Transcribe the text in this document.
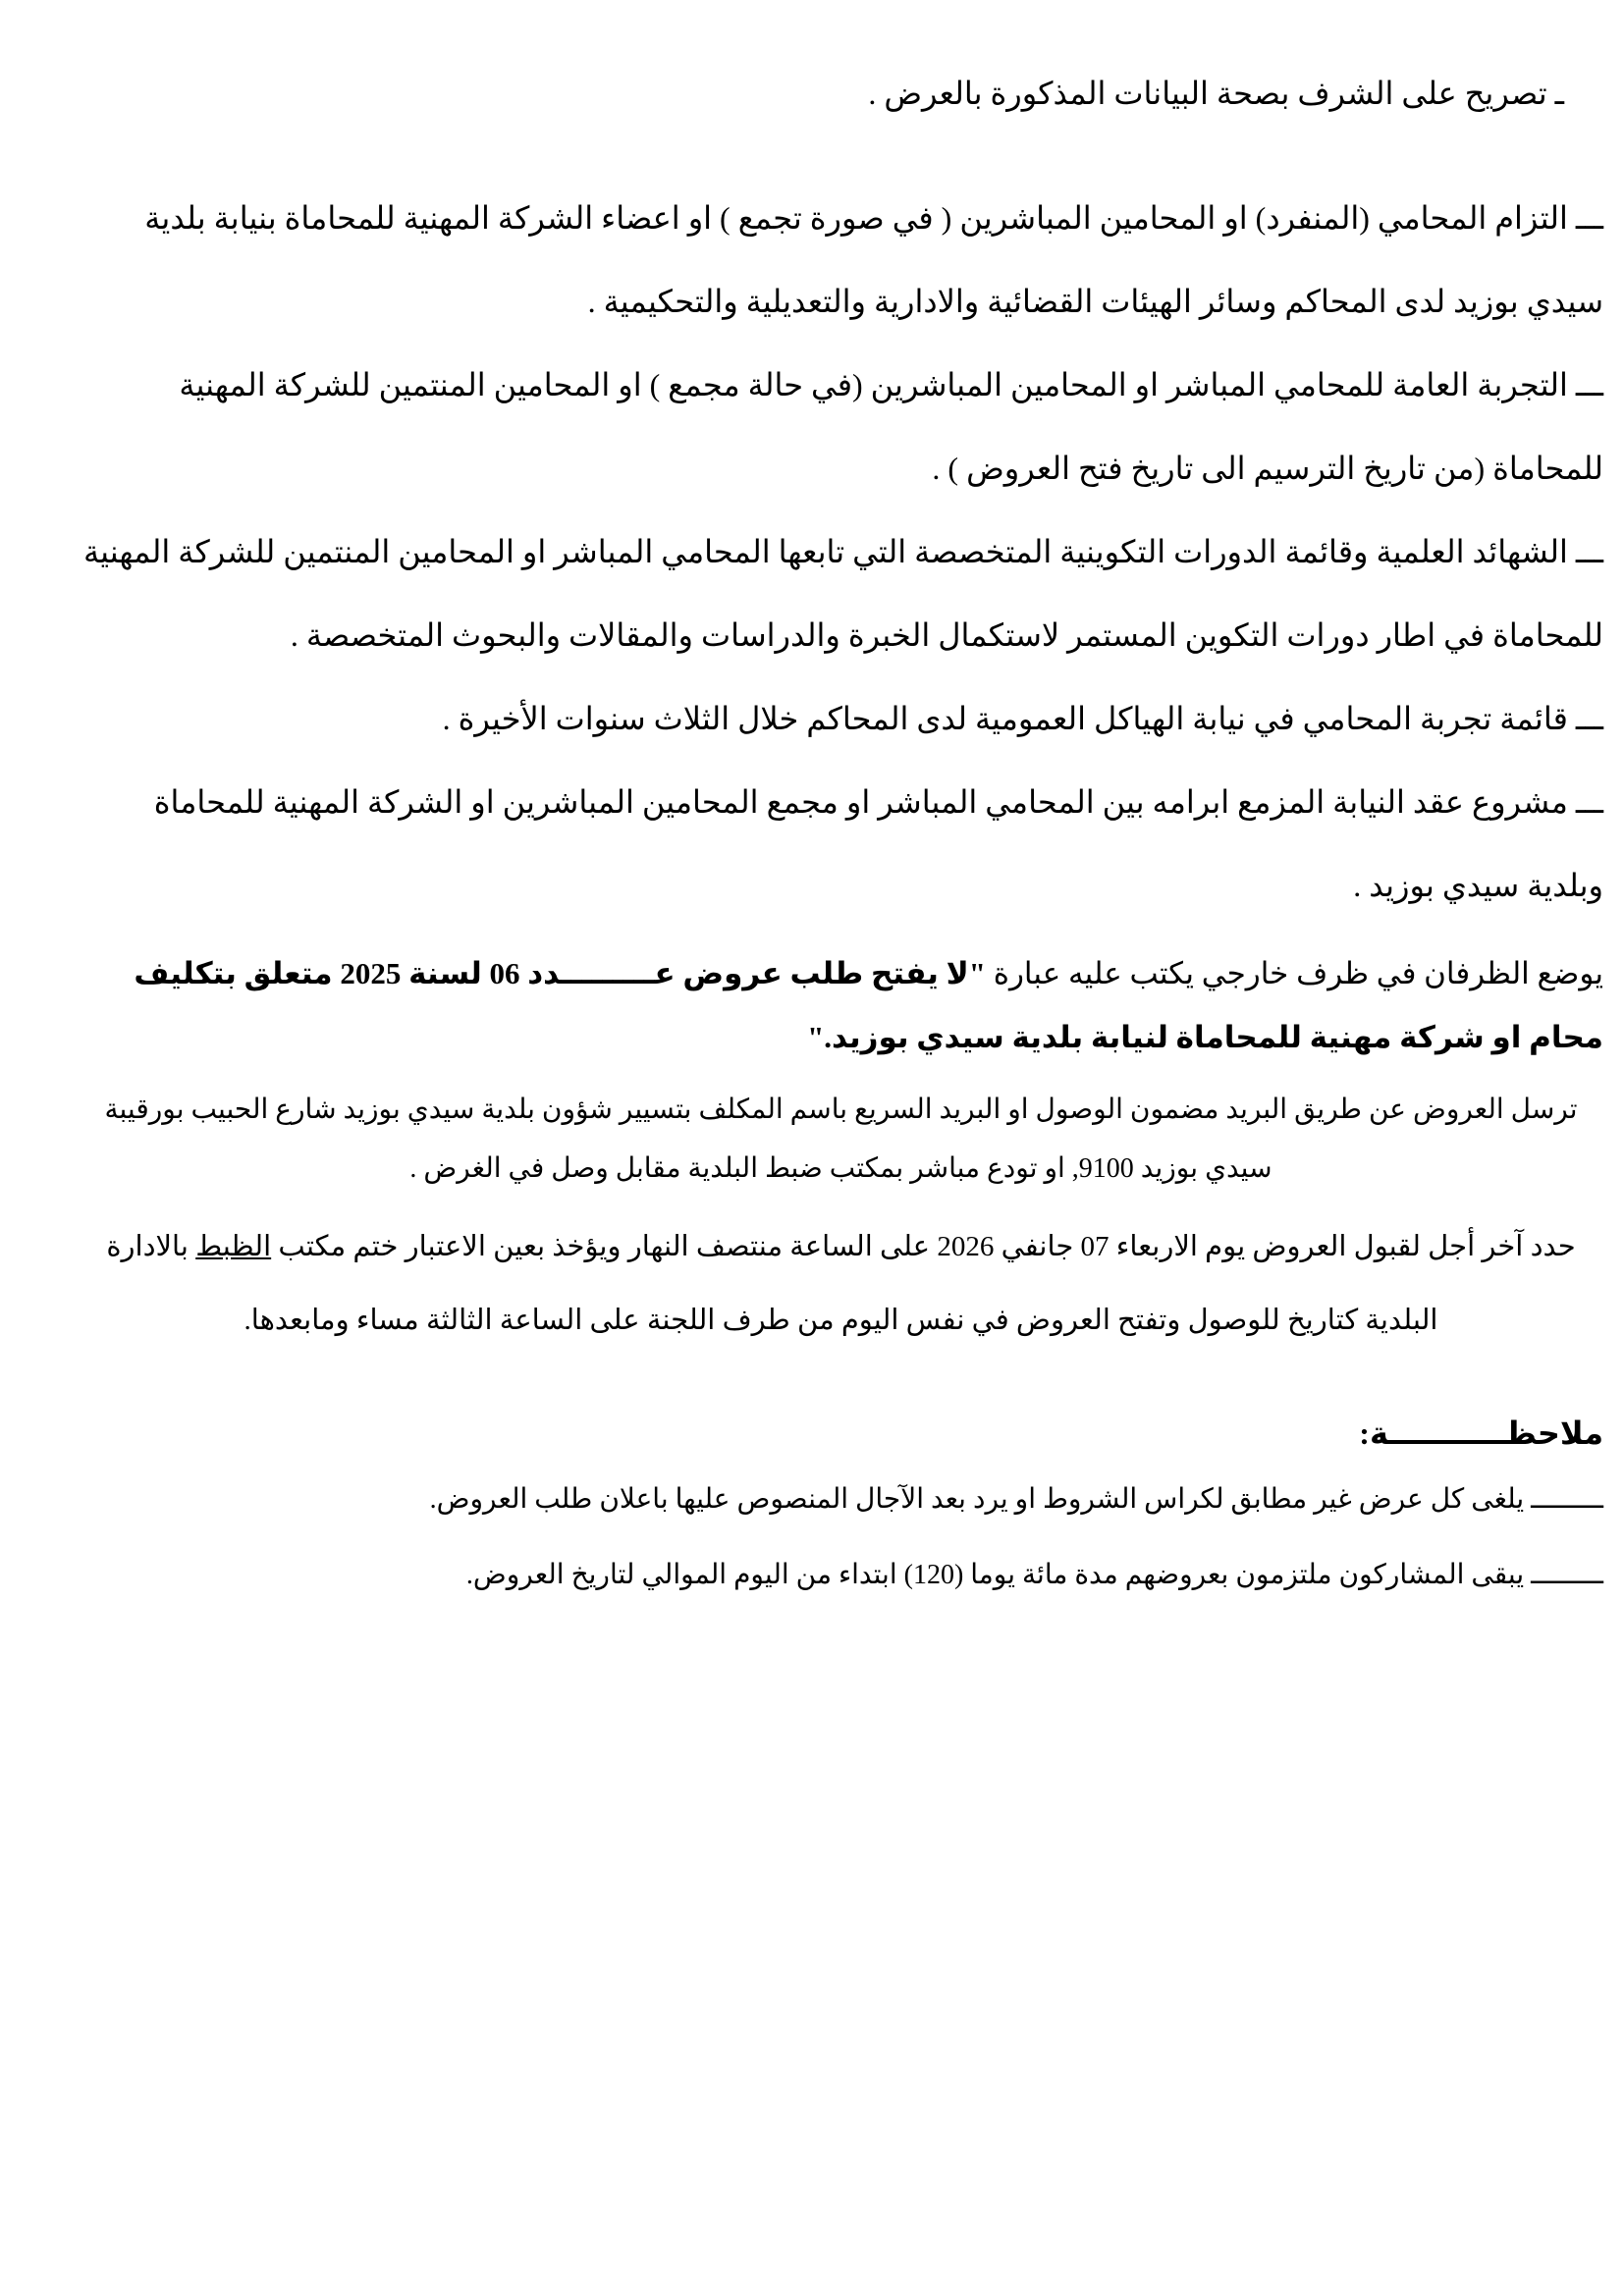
ـ تصريح على الشرف بصحة البيانات المذكورة بالعرض .

ـــ التزام المحامي (المنفرد) او المحامين المباشرين ( في صورة تجمع ) او اعضاء الشركة المهنية للمحاماة بنيابة بلدية سيدي بوزيد لدى المحاكم وسائر الهيئات القضائية والادارية والتعديلية والتحكيمية .

ـــ التجربة العامة للمحامي المباشر او المحامين المباشرين (في حالة مجمع ) او المحامين المنتمين للشركة المهنية للمحاماة (من تاريخ الترسيم الى تاريخ فتح العروض ) .

ـــ الشهائد العلمية وقائمة الدورات التكوينية المتخصصة التي تابعها المحامي المباشر او المحامين المنتمين للشركة المهنية للمحاماة في اطار دورات التكوين المستمر لاستكمال الخبرة والدراسات والمقالات والبحوث المتخصصة .

ـــ قائمة تجربة المحامي في نيابة الهياكل العمومية لدى المحاكم خلال الثلاث سنوات الأخيرة .

ـــ مشروع عقد النيابة المزمع ابرامه بين المحامي المباشر او مجمع المحامين المباشرين او الشركة المهنية للمحاماة وبلدية سيدي بوزيد .

يوضع الظرفان في ظرف خارجي يكتب عليه عبارة "لا يفتح طلب عروض عـــــــــدد 06 لسنة 2025 متعلق بتكليف محام او شركة مهنية للمحاماة لنيابة بلدية سيدي بوزيد."

ترسل العروض عن طريق البريد مضمون الوصول او البريد السريع باسم المكلف بتسيير شؤون بلدية سيدي بوزيد شارع الحبيب بورقيبة سيدي بوزيد 9100, او تودع مباشر بمكتب ضبط البلدية مقابل وصل في الغرض .

حدد آخر أجل لقبول العروض يوم الاربعاء 07 جانفي 2026 على الساعة منتصف النهار ويؤخذ بعين الاعتبار ختم مكتب الظبط بالادارة البلدية كتاريخ للوصول وتفتح العروض في نفس اليوم من طرف اللجنة على الساعة الثالثة مساء ومابعدها.

ملاحظـــــــــــة:

ـــــــــ يلغى كل عرض غير مطابق لكراس الشروط او يرد بعد الآجال المنصوص عليها باعلان طلب العروض.

ـــــــــ يبقى المشاركون ملتزمون بعروضهم مدة مائة يوما (120) ابتداء من اليوم الموالي لتاريخ العروض.
